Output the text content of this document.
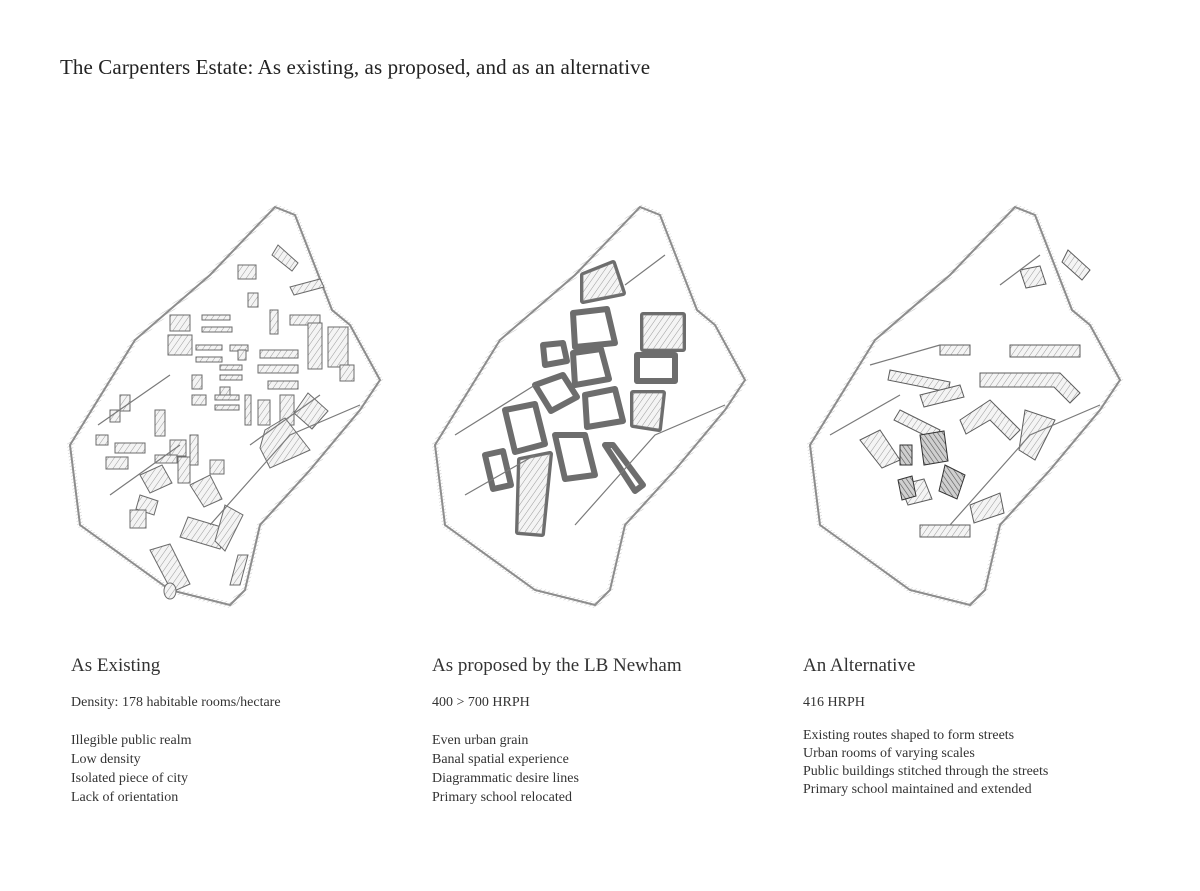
The Carpenters Estate: As existing, as proposed, and as an alternative
As Existing
Density: 178 habitable rooms/hectare
Illegible public realm
Low density
Isolated piece of city
Lack of orientation
As proposed by the LB Newham
400 > 700 HRPH
Even urban grain
Banal spatial experience
Diagrammatic desire lines
Primary school relocated
An Alternative
416 HRPH
Existing routes shaped to form streets
Urban rooms of varying scales
Public buildings stitched through the streets
Primary school maintained and extended
